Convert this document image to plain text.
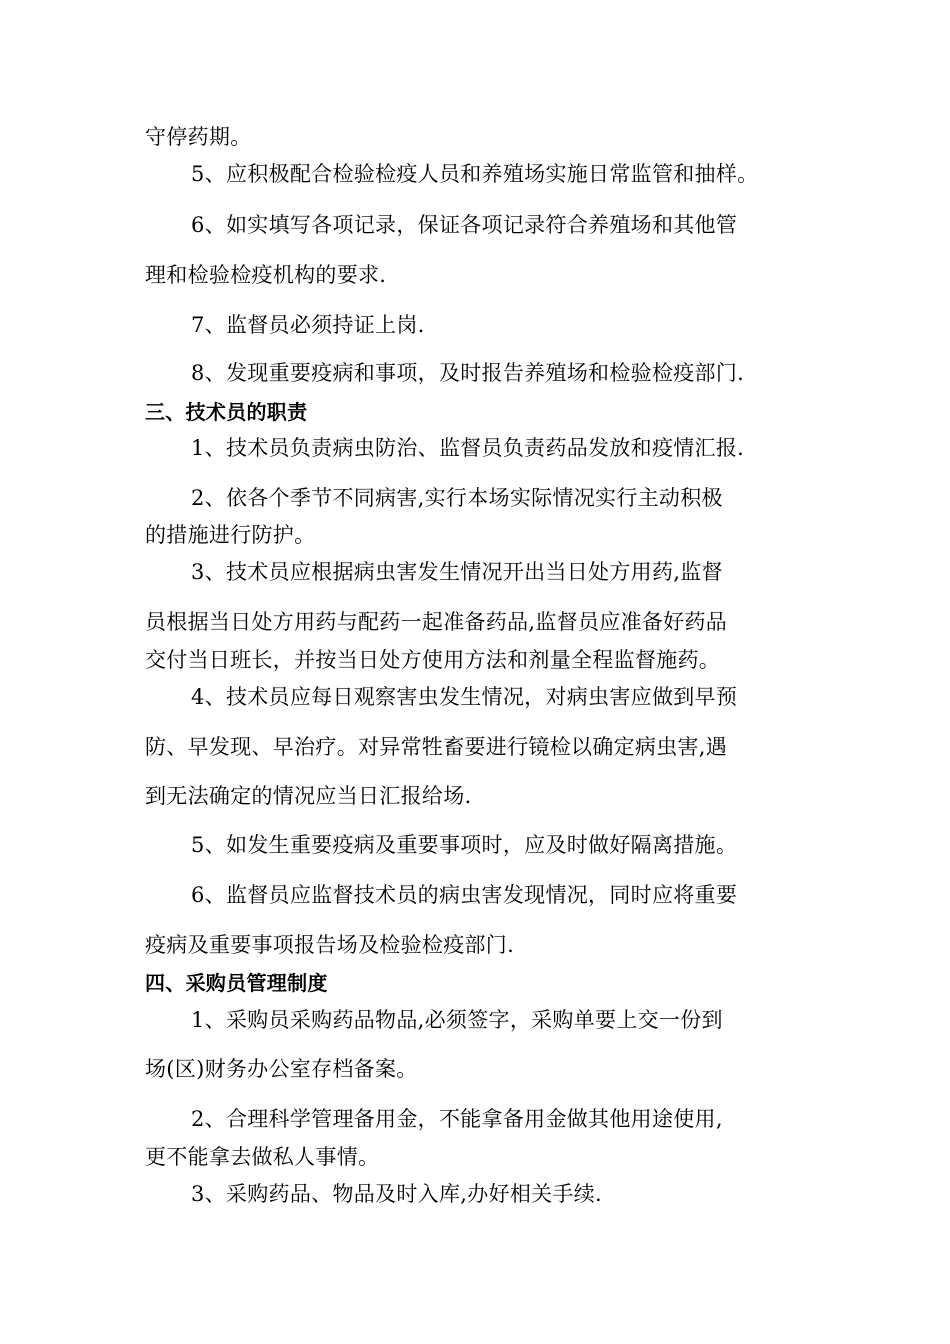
守停药期。
5、应积极配合检验检疫人员和养殖场实施日常监管和抽样。
6、如实填写各项记录，保证各项记录符合养殖场和其他管
理和检验检疫机构的要求.
7、监督员必须持证上岗.
8、发现重要疫病和事项，及时报告养殖场和检验检疫部门.
三、技术员的职责
1、技术员负责病虫防治、监督员负责药品发放和疫情汇报.
2、依各个季节不同病害,实行本场实际情况实行主动积极
的措施进行防护。
3、技术员应根据病虫害发生情况开出当日处方用药,监督
员根据当日处方用药与配药一起准备药品,监督员应准备好药品
交付当日班长，并按当日处方使用方法和剂量全程监督施药。
4、技术员应每日观察害虫发生情况，对病虫害应做到早预
防、早发现、早治疗。对异常牲畜要进行镜检以确定病虫害,遇
到无法确定的情况应当日汇报给场.
5、如发生重要疫病及重要事项时，应及时做好隔离措施。
6、监督员应监督技术员的病虫害发现情况，同时应将重要
疫病及重要事项报告场及检验检疫部门.
四、采购员管理制度
1、采购员采购药品物品,必须签字，采购单要上交一份到
场(区)财务办公室存档备案。
2、合理科学管理备用金，不能拿备用金做其他用途使用,
更不能拿去做私人事情。
3、采购药品、物品及时入库,办好相关手续.
